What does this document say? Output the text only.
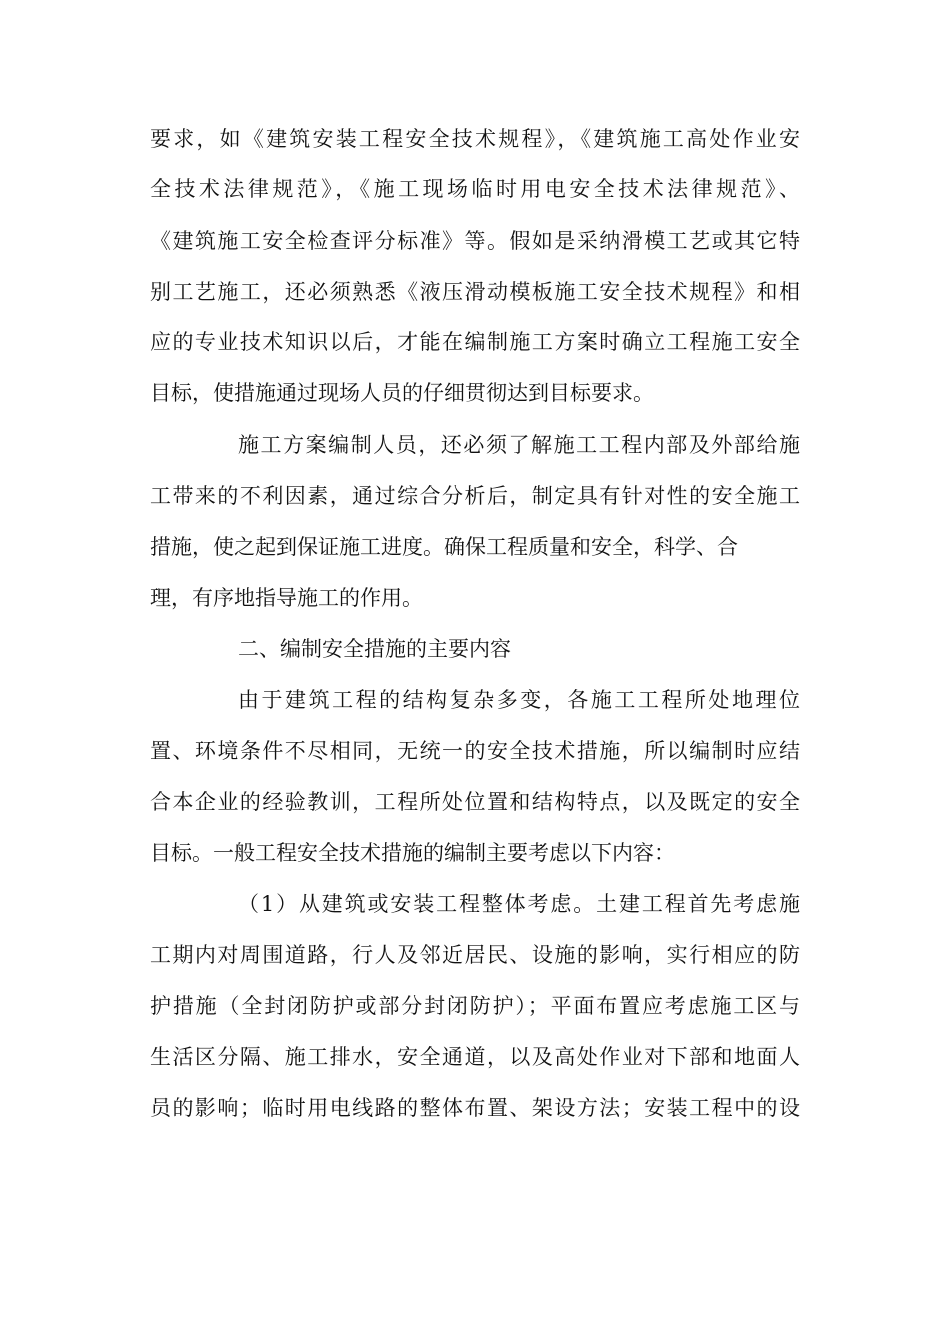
要求，如《建筑安装工程安全技术规程》，《建筑施工高处作业安
全技术法律规范》，《施工现场临时用电安全技术法律规范》、
《建筑施工安全检查评分标准》等。假如是采纳滑模工艺或其它特
别工艺施工，还必须熟悉《液压滑动模板施工安全技术规程》和相
应的专业技术知识以后，才能在编制施工方案时确立工程施工安全
目标，使措施通过现场人员的仔细贯彻达到目标要求。
施工方案编制人员，还必须了解施工工程内部及外部给施
工带来的不利因素，通过综合分析后，制定具有针对性的安全施工
措施，使之起到保证施工进度。确保工程质量和安全，科学、合
理，有序地指导施工的作用。
二、编制安全措施的主要内容
由于建筑工程的结构复杂多变，各施工工程所处地理位
置、环境条件不尽相同，无统一的安全技术措施，所以编制时应结
合本企业的经验教训，工程所处位置和结构特点，以及既定的安全
目标。一般工程安全技术措施的编制主要考虑以下内容：
（1）从建筑或安装工程整体考虑。土建工程首先考虑施
工期内对周围道路，行人及邻近居民、设施的影响，实行相应的防
护措施（全封闭防护或部分封闭防护）；平面布置应考虑施工区与
生活区分隔、施工排水，安全通道，以及高处作业对下部和地面人
员的影响；临时用电线路的整体布置、架设方法；安装工程中的设
